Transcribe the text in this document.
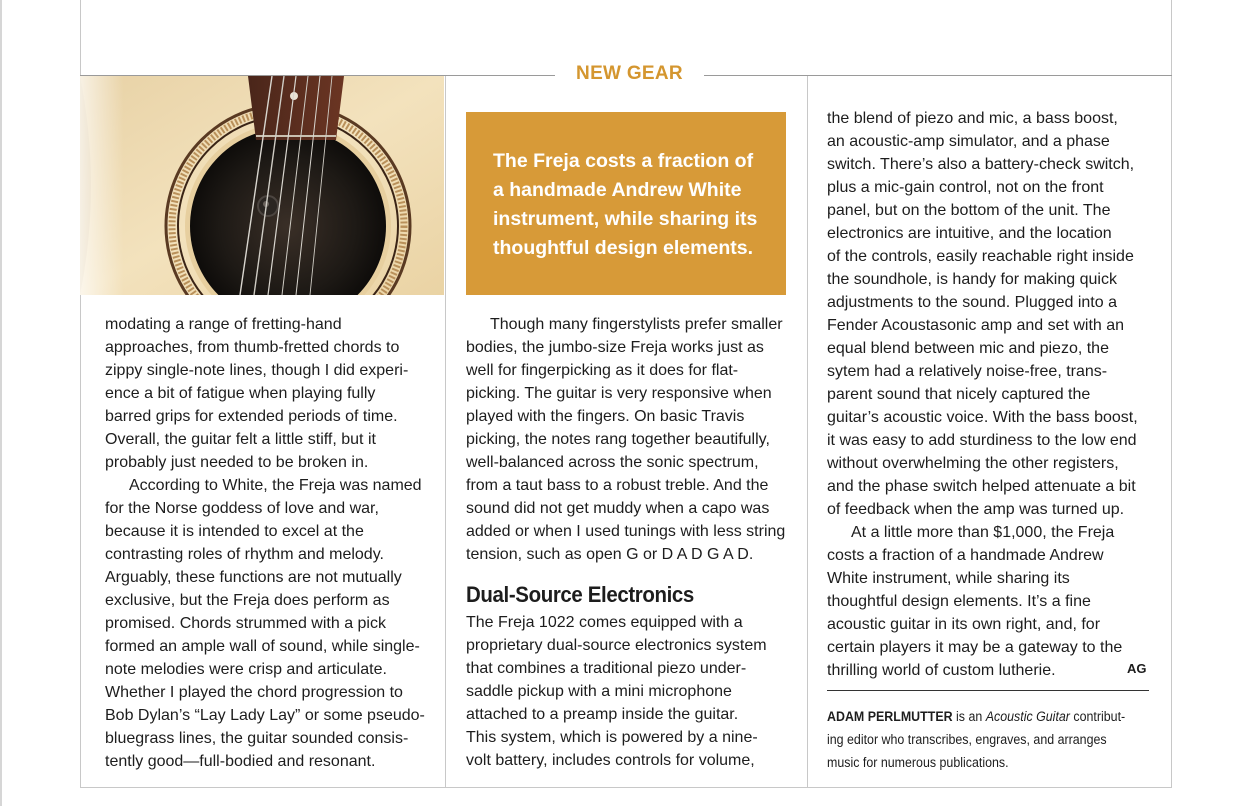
NEW GEAR

The Freja costs a fraction of a handmade Andrew White instrument, while sharing its thoughtful design elements.

modating a range of fretting-hand
approaches, from thumb-fretted chords to
zippy single-note lines, though I did experi-
ence a bit of fatigue when playing fully
barred grips for extended periods of time.
Overall, the guitar felt a little stiff, but it
probably just needed to be broken in.

According to White, the Freja was named
for the Norse goddess of love and war,
because it is intended to excel at the
contrasting roles of rhythm and melody.
Arguably, these functions are not mutually
exclusive, but the Freja does perform as
promised. Chords strummed with a pick
formed an ample wall of sound, while single-
note melodies were crisp and articulate.
Whether I played the chord progression to
Bob Dylan’s “Lay Lady Lay” or some pseudo-
bluegrass lines, the guitar sounded consis-
tently good—full-bodied and resonant.

Though many fingerstylists prefer smaller
bodies, the jumbo-size Freja works just as
well for fingerpicking as it does for flat-
picking. The guitar is very responsive when
played with the fingers. On basic Travis
picking, the notes rang together beautifully,
well-balanced across the sonic spectrum,
from a taut bass to a robust treble. And the
sound did not get muddy when a capo was
added or when I used tunings with less string
tension, such as open G or D A D G A D.

Dual-Source Electronics

The Freja 1022 comes equipped with a
proprietary dual-source electronics system
that combines a traditional piezo under-
saddle pickup with a mini microphone
attached to a preamp inside the guitar.
This system, which is powered by a nine-
volt battery, includes controls for volume,

the blend of piezo and mic, a bass boost,
an acoustic-amp simulator, and a phase
switch. There’s also a battery-check switch,
plus a mic-gain control, not on the front
panel, but on the bottom of the unit. The
electronics are intuitive, and the location
of the controls, easily reachable right inside
the soundhole, is handy for making quick
adjustments to the sound. Plugged into a
Fender Acoustasonic amp and set with an
equal blend between mic and piezo, the
sytem had a relatively noise-free, trans-
parent sound that nicely captured the
guitar’s acoustic voice. With the bass boost,
it was easy to add sturdiness to the low end
without overwhelming the other registers,
and the phase switch helped attenuate a bit
of feedback when the amp was turned up.

At a little more than $1,000, the Freja
costs a fraction of a handmade Andrew
White instrument, while sharing its
thoughtful design elements. It’s a fine
acoustic guitar in its own right, and, for
certain players it may be a gateway to the
thrilling world of custom lutherie.	AG
ADAM PERLMUTTER is an Acoustic Guitar contribut-
ing editor who transcribes, engraves, and arranges
music for numerous publications.
